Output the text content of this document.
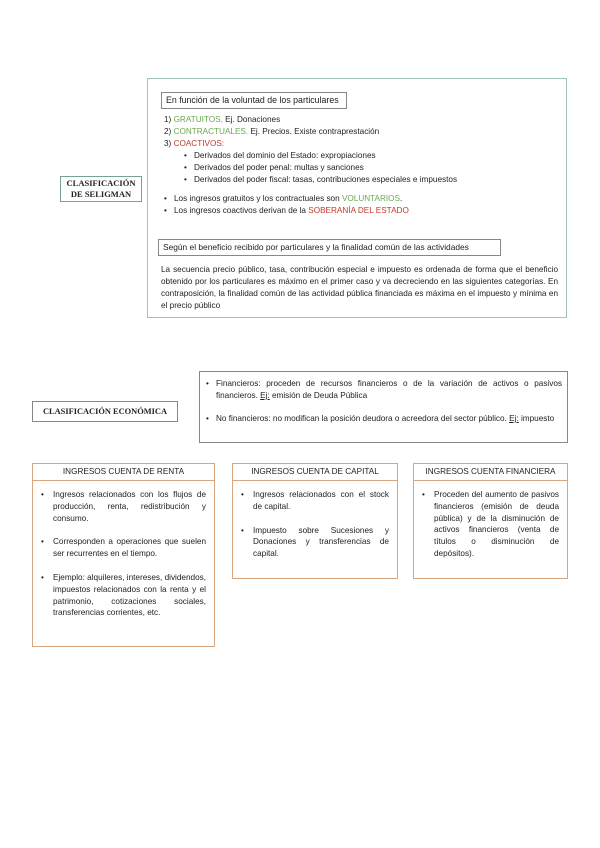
CLASIFICACIÓN DE SELIGMAN
En función de la voluntad de los particulares
1) GRATUITOS. Ej. Donaciones
2) CONTRACTUALES. Ej. Precios. Existe contraprestación
3) COACTIVOS:
• Derivados del dominio del Estado: expropiaciones
• Derivados del poder penal: multas y sanciones
• Derivados del poder fiscal: tasas, contribuciones especiales e impuestos
• Los ingresos gratuitos y los contractuales son VOLUNTARIOS.
• Los ingresos coactivos derivan de la SOBERANÍA DEL ESTADO
Según el beneficio recibido por particulares y la finalidad común de las actividades
La secuencia precio público, tasa, contribución especial e impuesto es ordenada de forma que el beneficio obtenido por los particulares es máximo en el primer caso y va decreciendo en las siguientes categorías. En contraposición, la finalidad común de las actividad pública financiada es máxima en el impuesto y mínima en el precio público
CLASIFICACIÓN ECONÓMICA
• Financieros: proceden de recursos financieros o de la variación de activos o pasivos financieros. Ej: emisión de Deuda Pública
• No financieros: no modifican la posición deudora o acreedora del sector público. Ej: impuesto
INGRESOS CUENTA DE RENTA
• Ingresos relacionados con los flujos de producción, renta, redistribución y consumo.
• Corresponden a operaciones que suelen ser recurrentes en el tiempo.
• Ejemplo: alquileres, intereses, dividendos, impuestos relacionados con la renta y el patrimonio, cotizaciones sociales, transferencias corrientes, etc.
INGRESOS CUENTA DE CAPITAL
• Ingresos relacionados con el stock de capital.
• Impuesto sobre Sucesiones y Donaciones y transferencias de capital.
INGRESOS CUENTA FINANCIERA
• Proceden del aumento de pasivos financieros (emisión de deuda pública) y de la disminución de activos financieros (venta de títulos o disminución de depósitos).
